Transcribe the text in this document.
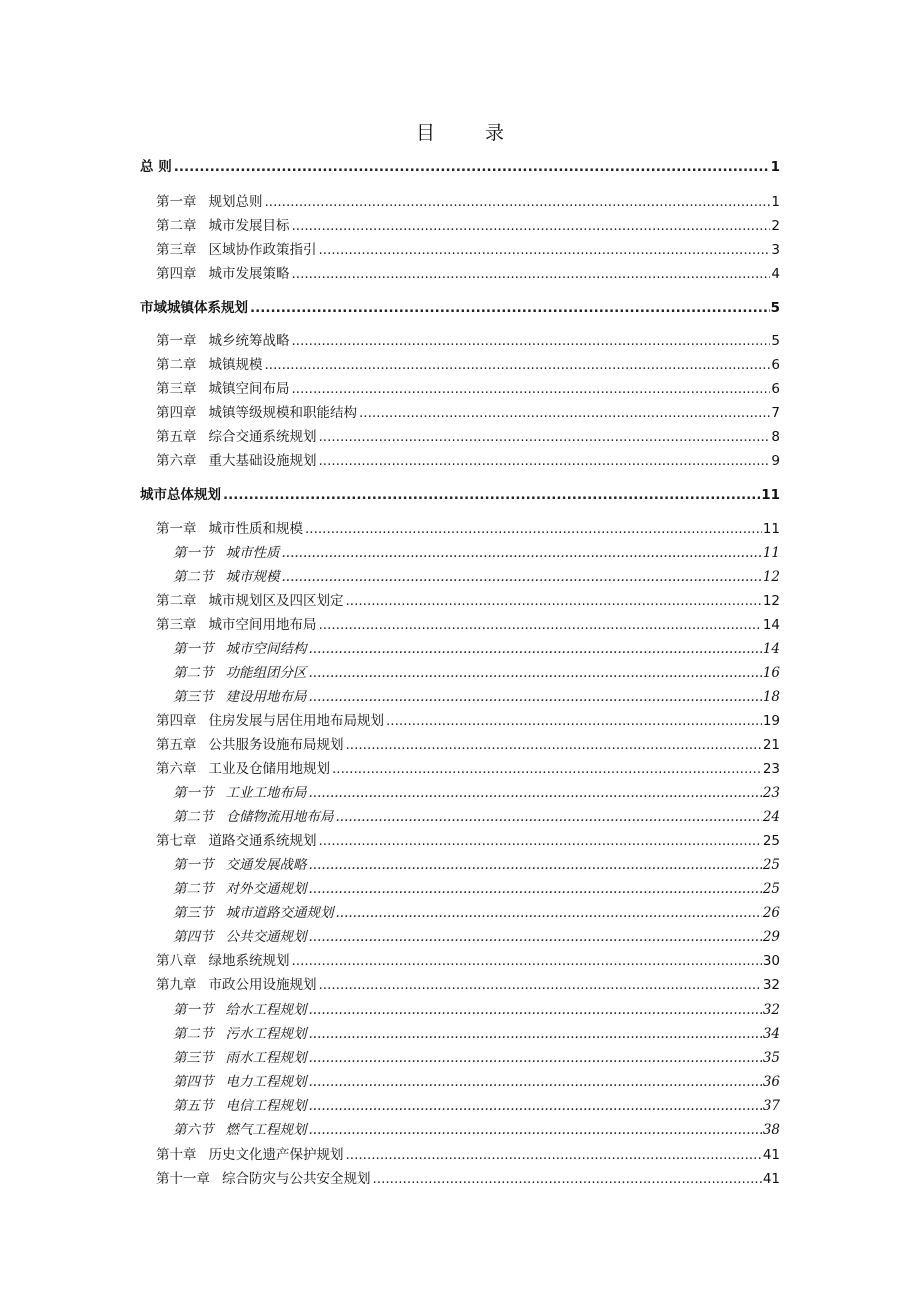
目 录
总 则 .....	1
第一章 规划总则 .....	1
第二章 城市发展目标 .....	2
第三章 区域协作政策指引 .....	3
第四章 城市发展策略 .....	4
市域城镇体系规划 .....	5
第一章 城乡统筹战略 .....	5
第二章 城镇规模 .....	6
第三章 城镇空间布局 .....	6
第四章 城镇等级规模和职能结构 .....	7
第五章 综合交通系统规划 .....	8
第六章 重大基础设施规划 .....	9
城市总体规划 .....	11
第一章 城市性质和规模 .....	11
第一节 城市性质 .....	11
第二节 城市规模 .....	12
第二章 城市规划区及四区划定 .....	12
第三章 城市空间用地布局 .....	14
第一节 城市空间结构 .....	14
第二节 功能组团分区 .....	16
第三节 建设用地布局 .....	18
第四章 住房发展与居住用地布局规划 .....	19
第五章 公共服务设施布局规划 .....	21
第六章 工业及仓储用地规划 .....	23
第一节 工业工地布局 .....	23
第二节 仓储物流用地布局 .....	24
第七章 道路交通系统规划 .....	25
第一节 交通发展战略 .....	25
第二节 对外交通规划 .....	25
第三节 城市道路交通规划 .....	26
第四节 公共交通规划 .....	29
第八章 绿地系统规划 .....	30
第九章 市政公用设施规划 .....	32
第一节 给水工程规划 .....	32
第二节 污水工程规划 .....	34
第三节 雨水工程规划 .....	35
第四节 电力工程规划 .....	36
第五节 电信工程规划 .....	37
第六节 燃气工程规划 .....	38
第十章 历史文化遗产保护规划 .....	41
第十一章 综合防灾与公共安全规划 .....	41
